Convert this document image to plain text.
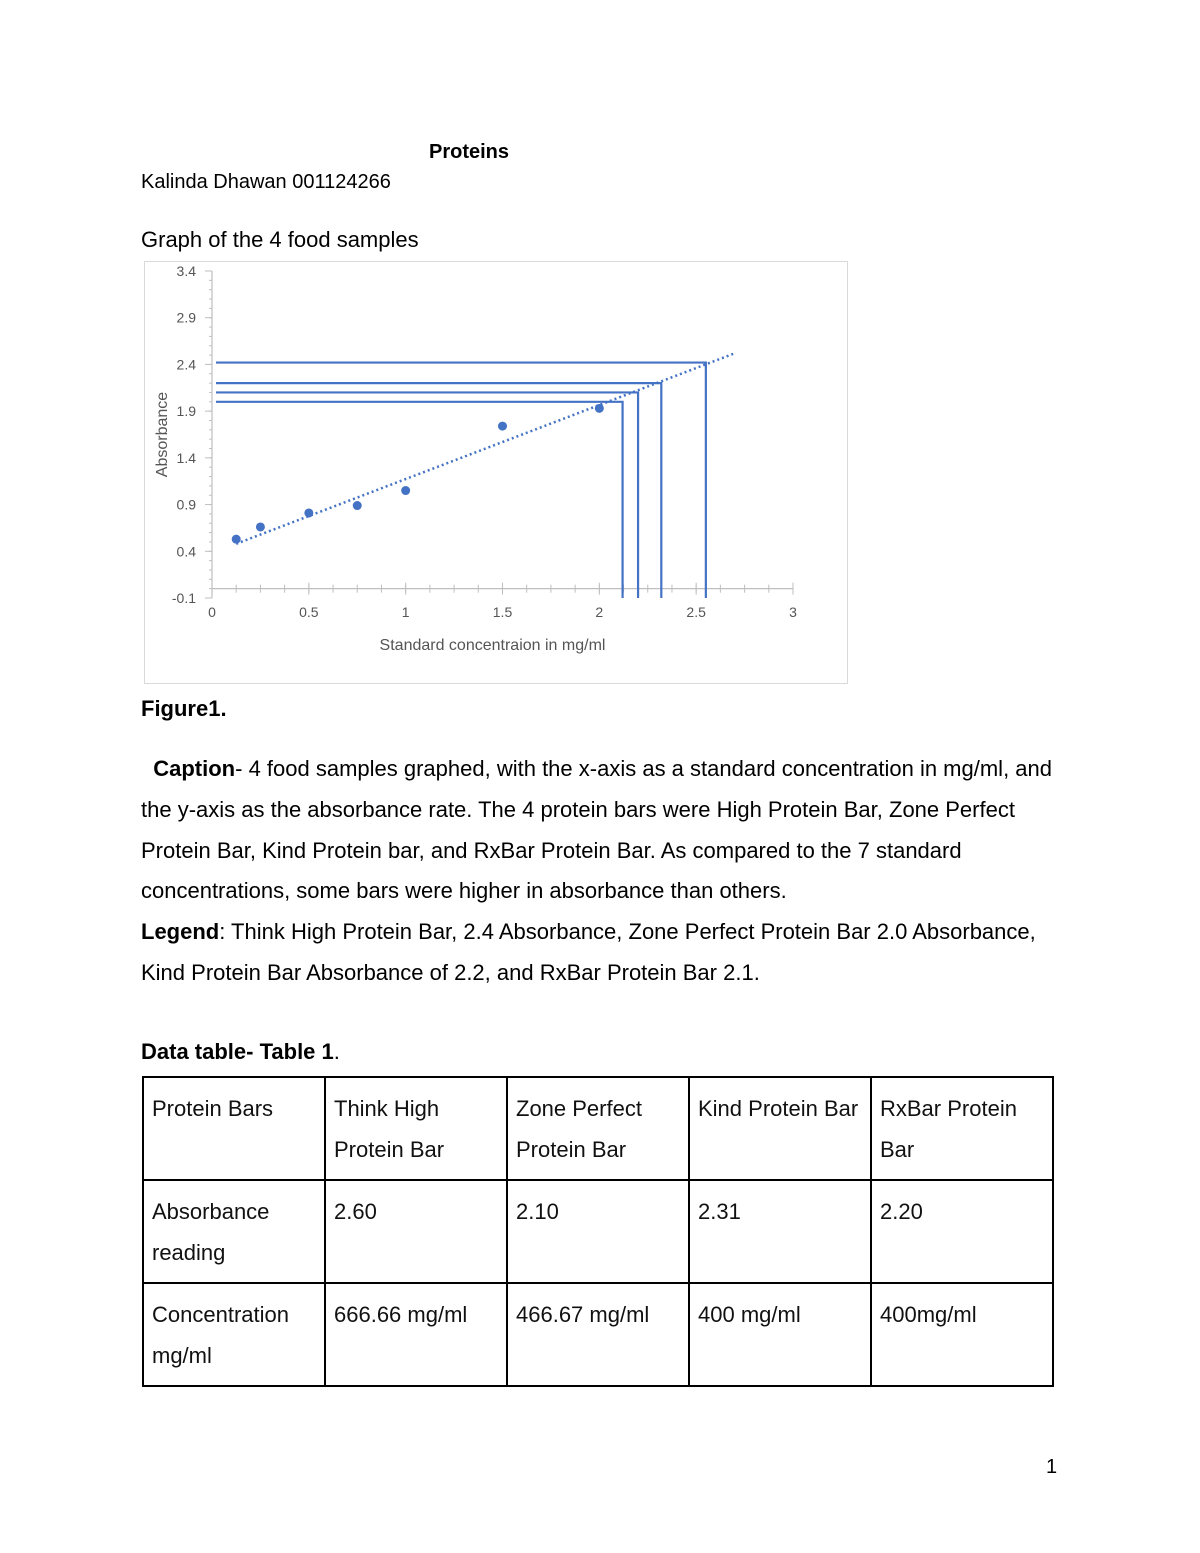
Proteins
Kalinda Dhawan 001124266
Graph of the 4 food samples
-0.1
0.4
0.9
1.4
1.9
2.4
2.9
3.4
0	0.5	1	1.5	2	2.5	3
Standard concentraion in mg/ml
Absorbance
Figure1.
Caption- 4 food samples graphed, with the x-axis as a standard concentration in mg/ml, and the y-axis as the absorbance rate. The 4 protein bars were High Protein Bar, Zone Perfect Protein Bar, Kind Protein bar, and RxBar Protein Bar. As compared to the 7 standard concentrations, some bars were higher in absorbance than others.
Legend: Think High Protein Bar, 2.4 Absorbance, Zone Perfect Protein Bar 2.0 Absorbance, Kind Protein Bar Absorbance of 2.2, and RxBar Protein Bar 2.1.
Data table- Table 1.
Protein Bars	Think High Protein Bar	Zone Perfect Protein Bar	Kind Protein Bar	RxBar Protein Bar
Absorbance reading	2.60	2.10	2.31	2.20
Concentration mg/ml	666.66 mg/ml	466.67 mg/ml	400 mg/ml	400mg/ml
1
